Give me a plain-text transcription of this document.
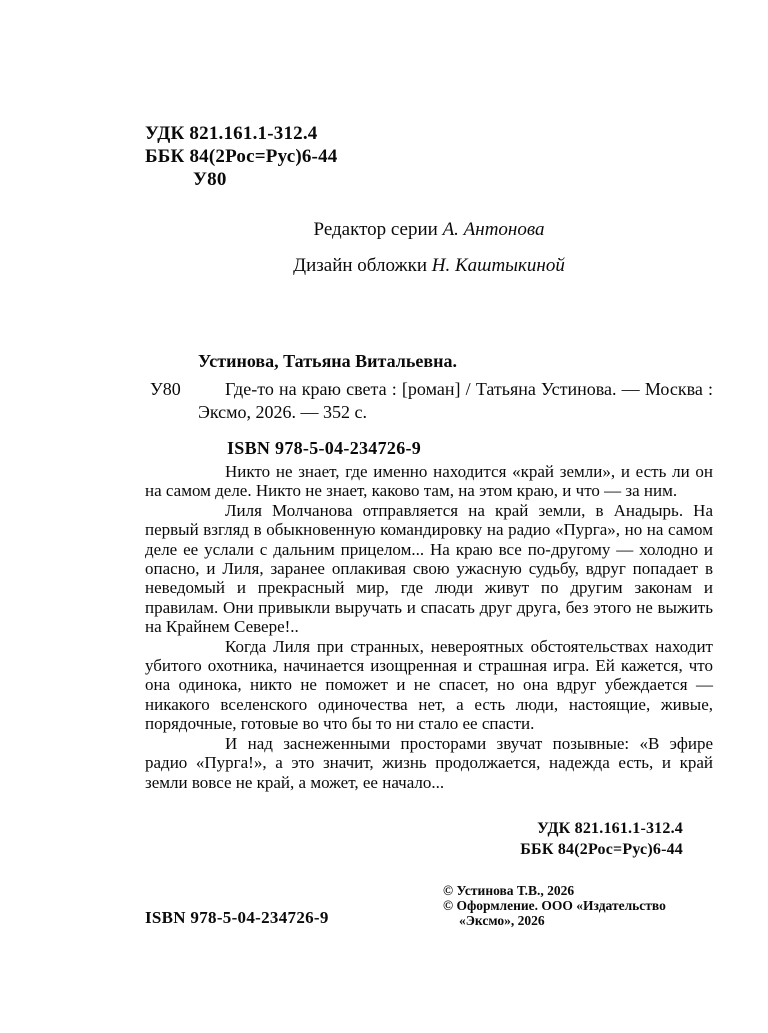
УДК 821.161.1-312.4
ББК 84(2Рос=Рус)6-44
У80
Редактор серии А. Антонова
Дизайн обложки Н. Каштыкиной

Устинова, Татьяна Витальевна.

У80	Где-то на краю света : [роман] / Татьяна Устинова. — Москва : Эксмо, 2026. — 352 с.

ISBN 978-5-04-234726-9

Никто не знает, где именно находится «край земли», и есть ли он на самом деле. Никто не знает, каково там, на этом краю, и что — за ним.

Лиля Молчанова отправляется на край земли, в Анадырь. На первый взгляд в обыкновенную командировку на радио «Пурга», но на самом деле ее услали с дальним прицелом... На краю все по-другому — холодно и опасно, и Лиля, заранее оплакивая свою ужасную судьбу, вдруг попадает в неведомый и прекрасный мир, где люди живут по другим законам и правилам. Они привыкли выручать и спасать друг друга, без этого не выжить на Крайнем Севере!..

Когда Лиля при странных, невероятных обстоятельствах находит убитого охотника, начинается изощренная и страшная игра. Ей кажется, что она одинока, никто не поможет и не спасет, но она вдруг убеждается — никакого вселенского одиночества нет, а есть люди, настоящие, живые, порядочные, готовые во что бы то ни стало ее спасти.

И над заснеженными просторами звучат позывные: «В эфире радио «Пурга!», а это значит, жизнь продолжается, надежда есть, и край земли вовсе не край, а может, ее начало...

УДК 821.161.1-312.4
ББК 84(2Рос=Рус)6-44
© Устинова Т.В., 2026
© Оформление. ООО «Издательство «Эксмо», 2026
ISBN 978-5-04-234726-9
